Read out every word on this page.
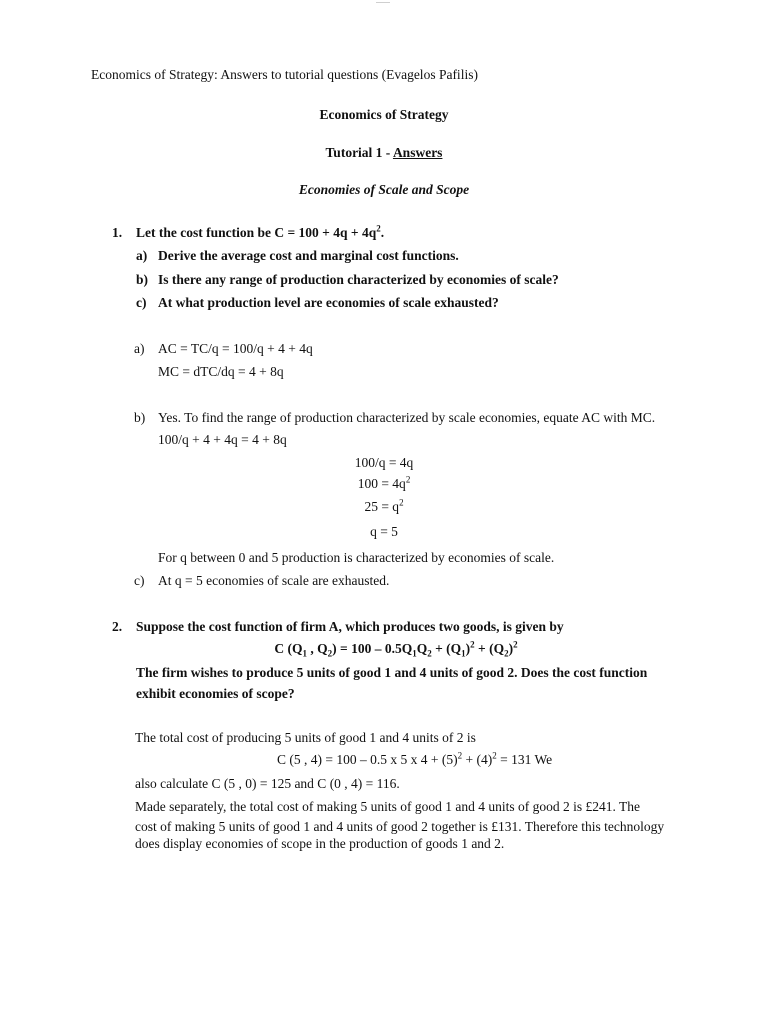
Economics of Strategy: Answers to tutorial questions (Evagelos Pafilis)
Economics of Strategy
Tutorial 1 - Answers
Economies of Scale and Scope
1. Let the cost function be $C = 100 + 4q + 4q^2$.
a) Derive the average cost and marginal cost functions.
b) Is there any range of production characterized by economies of scale?
c) At what production level are economies of scale exhausted?
a) AC = TC/q = 100/q + 4 + 4q
MC = dTC/dq = 4 + 8q
b) Yes. To find the range of production characterized by scale economies, equate AC with MC.
100/q + 4 + 4q = 4 + 8q
100/q = 4q
$100 = 4q^2$
$25 = q^2$
q = 5
For q between 0 and 5 production is characterized by economies of scale.
c) At q = 5 economies of scale are exhausted.
2. Suppose the cost function of firm A, which produces two goods, is given by
C ($Q_1$ , $Q_2) = 100 - 0.5Q_1Q_2 + (Q_1)^2 + (Q_2)^2$
The firm wishes to produce 5 units of good 1 and 4 units of good 2. Does the cost function
exhibit economies of scope?
The total cost of producing 5 units of good 1 and 4 units of 2 is
C (5 , 4) = 100 – 0.5 x 5 x $4 + (5)^2 + (4)^2 = 131$ We
also calculate C (5 , 0) = 125 and C (0 , 4) = 116.
Made separately, the total cost of making 5 units of good 1 and 4 units of good 2 is £241. The
cost of making 5 units of good 1 and 4 units of good 2 together is £131. Therefore this technology
does display economies of scope in the production of goods 1 and 2.
